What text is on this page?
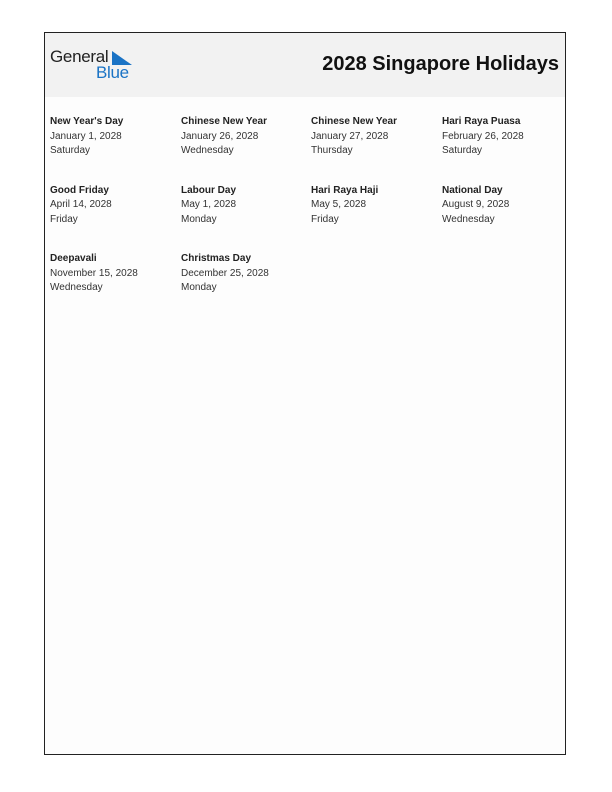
General
Blue	2028 Singapore Holidays
New Year's Day
January 1, 2028
Saturday
Chinese New Year
January 26, 2028
Wednesday
Chinese New Year
January 27, 2028
Thursday
Hari Raya Puasa
February 26, 2028
Saturday
Good Friday
April 14, 2028
Friday
Labour Day
May 1, 2028
Monday
Hari Raya Haji
May 5, 2028
Friday
National Day
August 9, 2028
Wednesday
Deepavali
November 15, 2028
Wednesday
Christmas Day
December 25, 2028
Monday
